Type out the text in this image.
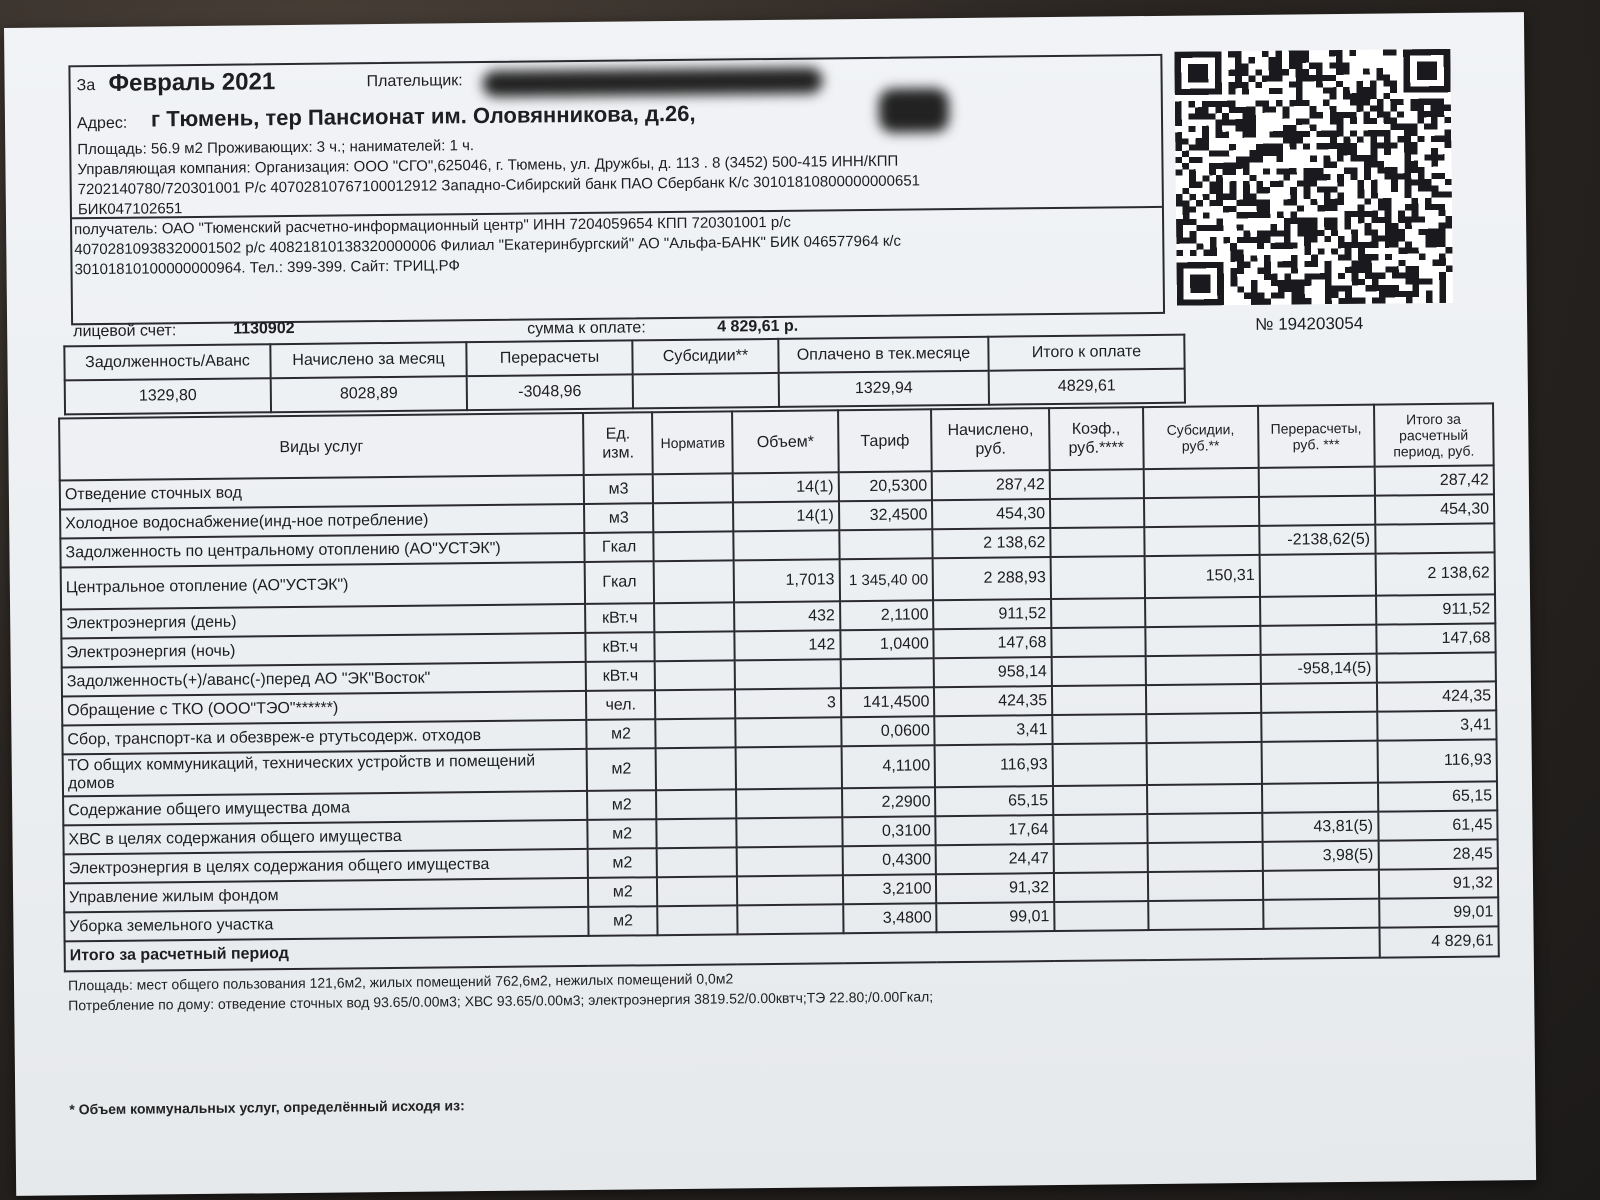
За Февраль 2021	Плательщик:
Адрес: г Тюмень, тер Пансионат им. Оловянникова, д.26,
Площадь: 56.9 м2 Проживающих: 3 ч.; нанимателей: 1 ч.
Управляющая компания: Организация: ООО "СГО",625046, г. Тюмень, ул. Дружбы, д. 113 . 8 (3452) 500-415 ИНН/КПП
7202140780/720301001 Р/с 40702810767100012912 Западно-Сибирский банк ПАО Сбербанк К/с 30101810800000000651
БИК047102651
получатель: ОАО "Тюменский расчетно-информационный центр" ИНН 7204059654 КПП 720301001 р/с
40702810938320001502 р/с 40821810138320000006 Филиал "Екатеринбургский" АО "Альфа-БАНК" БИК 046577964 к/с
30101810100000000964. Тел.: 399-399. Сайт: ТРИЦ.РФ
лицевой счет:	1130902	сумма к оплате:	4 829,61 р.	№ 194203054
Задолженность/Аванс	Начислено за месяц	Перерасчеты	Субсидии**	Оплачено в тек.месяце	Итого к оплате
1329,80	8028,89	-3048,96		1329,94	4829,61
Виды услуг	Ед. изм.	Норматив	Объем*	Тариф	Начислено, руб.	Коэф., руб.****	Субсидии, руб.**	Перерасчеты, руб. ***	Итого за расчетный период, руб.
Отведение сточных вод	м3		14(1)	20,5300	287,42				287,42
Холодное водоснабжение(инд-ное потребление)	м3		14(1)	32,4500	454,30				454,30
Задолженность по центральному отоплению (АО"УСТЭК")	Гкал				2 138,62			-2138,62(5)	
Центральное отопление (АО"УСТЭК")	Гкал		1,7013	1 345,40 00	2 288,93		150,31		2 138,62
Электроэнергия (день)	кВт.ч		432	2,1100	911,52				911,52
Электроэнергия (ночь)	кВт.ч		142	1,0400	147,68				147,68
Задолженность(+)/аванс(-)перед АО "ЭК"Восток"	кВт.ч				958,14			-958,14(5)	
Обращение с ТКО (ООО"ТЭО"******)	чел.		3	141,4500	424,35				424,35
Сбор, транспорт-ка и обезвреж-е ртутьсодерж. отходов	м2			0,0600	3,41				3,41
ТО общих коммуникаций, технических устройств и помещений домов	м2			4,1100	116,93				116,93
Содержание общего имущества дома	м2			2,2900	65,15				65,15
ХВС в целях содержания общего имущества	м2			0,3100	17,64			43,81(5)	61,45
Электроэнергия в целях содержания общего имущества	м2			0,4300	24,47			3,98(5)	28,45
Управление жилым фондом	м2			3,2100	91,32				91,32
Уборка земельного участка	м2			3,4800	99,01				99,01
Итого за расчетный период									4 829,61
Площадь: мест общего пользования 121,6м2, жилых помещений 762,6м2, нежилых помещений 0,0м2
Потребление по дому: отведение сточных вод 93.65/0.00м3; ХВС 93.65/0.00м3; электроэнергия 3819.52/0.00квтч;ТЭ 22.80;/0.00Гкал;
* Объем коммунальных услуг, определённый исходя из:
